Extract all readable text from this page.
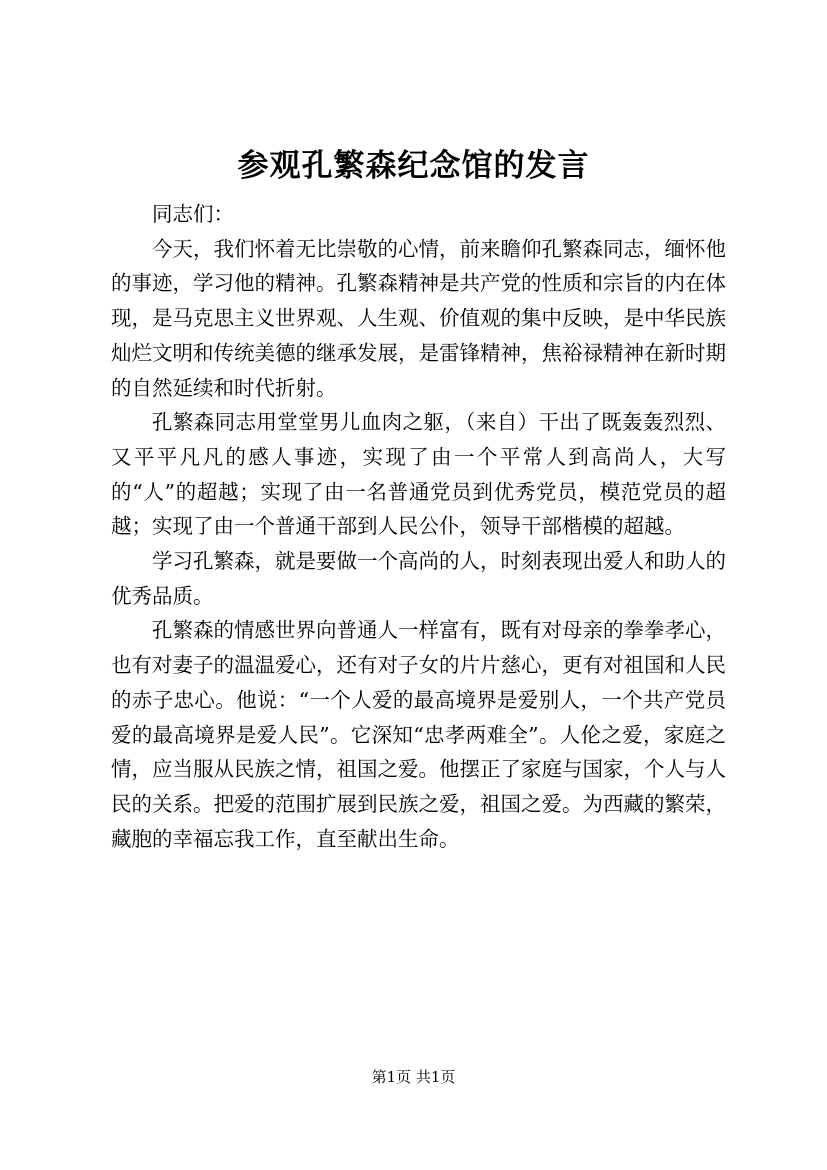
参观孔繁森纪念馆的发言

同志们：

今天，我们怀着无比崇敬的心情，前来瞻仰孔繁森同志，缅怀他的事迹，学习他的精神。孔繁森精神是共产党的性质和宗旨的内在体现，是马克思主义世界观、人生观、价值观的集中反映，是中华民族灿烂文明和传统美德的继承发展，是雷锋精神，焦裕禄精神在新时期的自然延续和时代折射。

孔繁森同志用堂堂男儿血肉之躯，（来自）干出了既轰轰烈烈、又平平凡凡的感人事迹，实现了由一个平常人到高尚人，大写的“人”的超越；实现了由一名普通党员到优秀党员，模范党员的超越；实现了由一个普通干部到人民公仆，领导干部楷模的超越。

学习孔繁森，就是要做一个高尚的人，时刻表现出爱人和助人的优秀品质。

孔繁森的情感世界向普通人一样富有，既有对母亲的拳拳孝心，也有对妻子的温温爱心，还有对子女的片片慈心，更有对祖国和人民的赤子忠心。他说：“一个人爱的最高境界是爱别人，一个共产党员爱的最高境界是爱人民”。它深知“忠孝两难全”。人伦之爱，家庭之情，应当服从民族之情，祖国之爱。他摆正了家庭与国家，个人与人民的关系。把爱的范围扩展到民族之爱，祖国之爱。为西藏的繁荣，藏胞的幸福忘我工作，直至献出生命。

第1页 共1页
